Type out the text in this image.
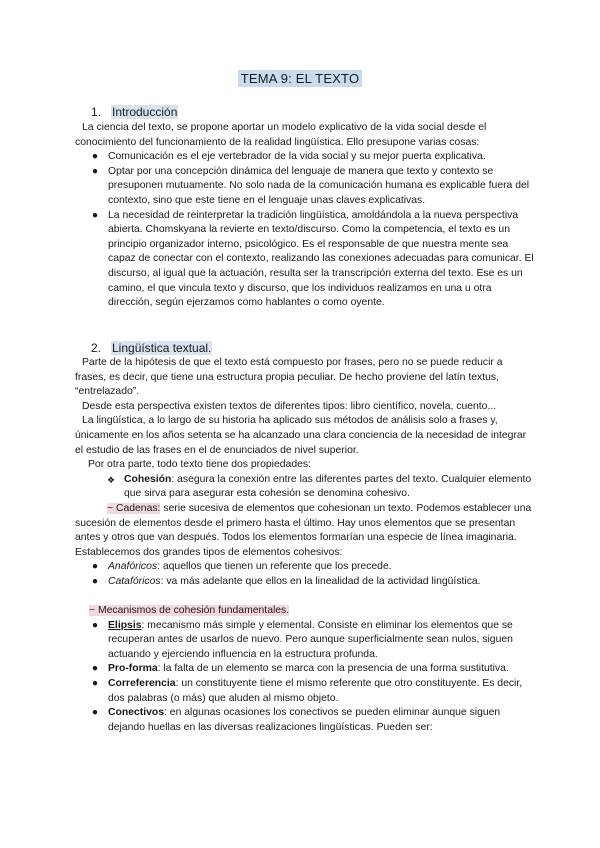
TEMA 9: EL TEXTO
1. Introducción

La ciencia del texto, se propone aportar un modelo explicativo de la vida social desde el conocimiento del funcionamiento de la realidad lingüística. Ello presupone varias cosas:

● Comunicación es el eje vertebrador de la vida social y su mejor puerta explicativa.
● Optar por una concepción dinámica del lenguaje de manera que texto y contexto se presuponen mutuamente. No solo nada de la comunicación humana es explicable fuera del contexto, sino que este tiene en el lenguaje unas claves explicativas.
● La necesidad de reinterpretar la tradición lingüística, amoldándola a la nueva perspectiva abierta. Chomskyana la revierte en texto/discurso. Como la competencia, el texto es un principio organizador interno, psicológico. Es el responsable de que nuestra mente sea capaz de conectar con el contexto, realizando las conexiones adecuadas para comunicar. El discurso, al igual que la actuación, resulta ser la transcripción externa del texto. Ese es un camino, el que vincula texto y discurso, que los individuos realizamos en una u otra dirección, según ejerzamos como hablantes o como oyente.
2. Lingüística textual.

Parte de la hipótesis de que el texto está compuesto por frases, pero no se puede reducir a frases, es decir, que tiene una estructura propia peculiar. De hecho proviene del latín textus, “entrelazado”.

Desde esta perspectiva existen textos de diferentes tipos: libro científico, novela, cuento...

La lingüística, a lo largo de su historia ha aplicado sus métodos de análisis solo a frases y, únicamente en los años setenta se ha alcanzado una clara conciencia de la necesidad de integrar el estudio de las frases en el de enunciados de nivel superior.

Por otra parte, todo texto tiene dos propiedades:

❖ Cohesión: asegura la conexión entre las diferentes partes del texto. Cualquier elemento que sirva para asegurar esta cohesión se denomina cohesivo.

~ Cadenas: serie sucesiva de elementos que cohesionan un texto. Podemos establecer una sucesión de elementos desde el primero hasta el último. Hay unos elementos que se presentan antes y otros que van después. Todos los elementos formarían una especie de línea imaginaria. Establecemos dos grandes tipos de elementos cohesivos:

● Anafóricos: aquellos que tienen un referente que los precede.
● Catafóricos: va más adelante que ellos en la linealidad de la actividad lingüística.

~ Mecanismos de cohesión fundamentales.

● Elipsis: mecanismo más simple y elemental. Consiste en eliminar los elementos que se recuperan antes de usarlos de nuevo. Pero aunque superficialmente sean nulos, siguen actuando y ejerciendo influencia en la estructura profunda.
● Pro-forma: la falta de un elemento se marca con la presencia de una forma sustitutiva.
● Correferencia: un constituyente tiene el mismo referente que otro constituyente. Es decir, dos palabras (o más) que aluden al mismo objeto.
● Conectivos: en algunas ocasiones los conectivos se pueden eliminar aunque siguen dejando huellas en las diversas realizaciones lingüísticas. Pueden ser:
